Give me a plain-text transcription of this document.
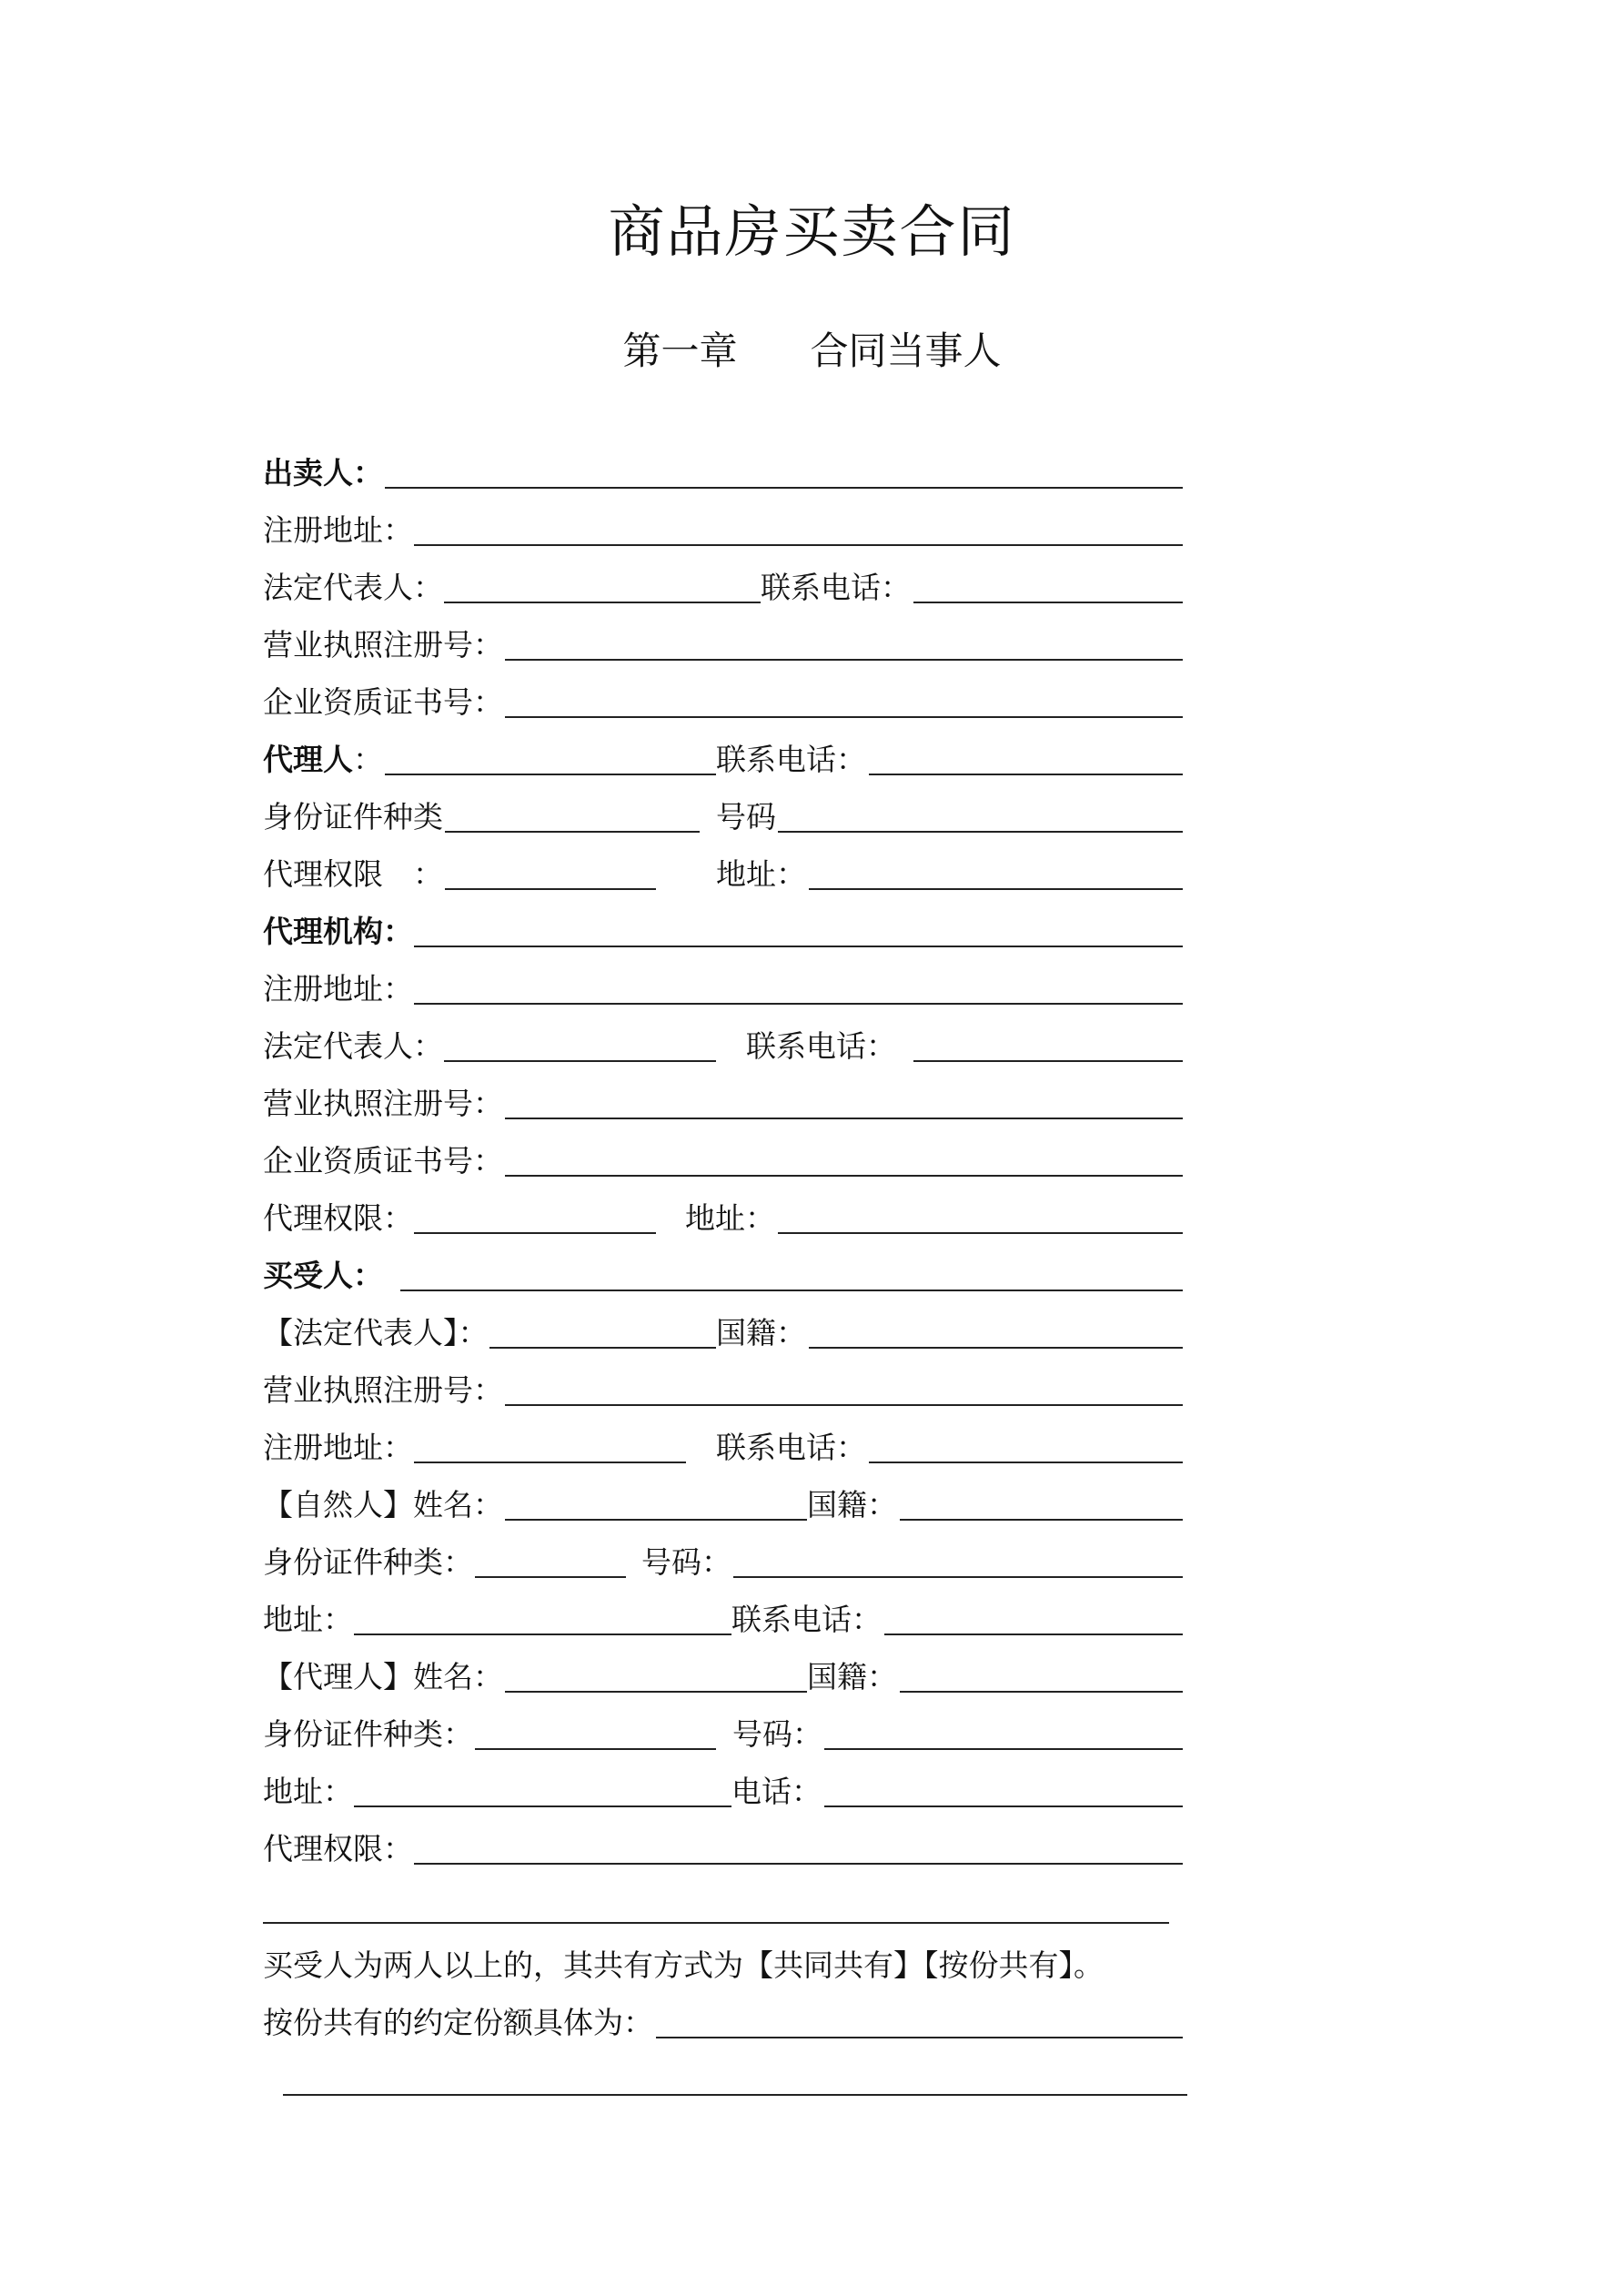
商品房买卖合同
第一章 合同当事人
出卖人：
注册地址：
法定代表人：	联系电话：
营业执照注册号：
企业资质证书号：
代理人：	联系电话：
身份证件种类	号码
代理权限　：	地址：
代理机构：
注册地址：
法定代表人：	联系电话：
营业执照注册号：
企业资质证书号：
代理权限：	地址：
买受人：
【法定代表人】：	国籍：
营业执照注册号：
注册地址：	联系电话：
【自然人】姓名：	国籍：
身份证件种类：	号码：
地址：	联系电话：
【代理人】姓名：	国籍：
身份证件种类：	号码：
地址：	电话：
代理权限：
买受人为两人以上的，其共有方式为【共同共有】【按份共有】。
按份共有的约定份额具体为：
